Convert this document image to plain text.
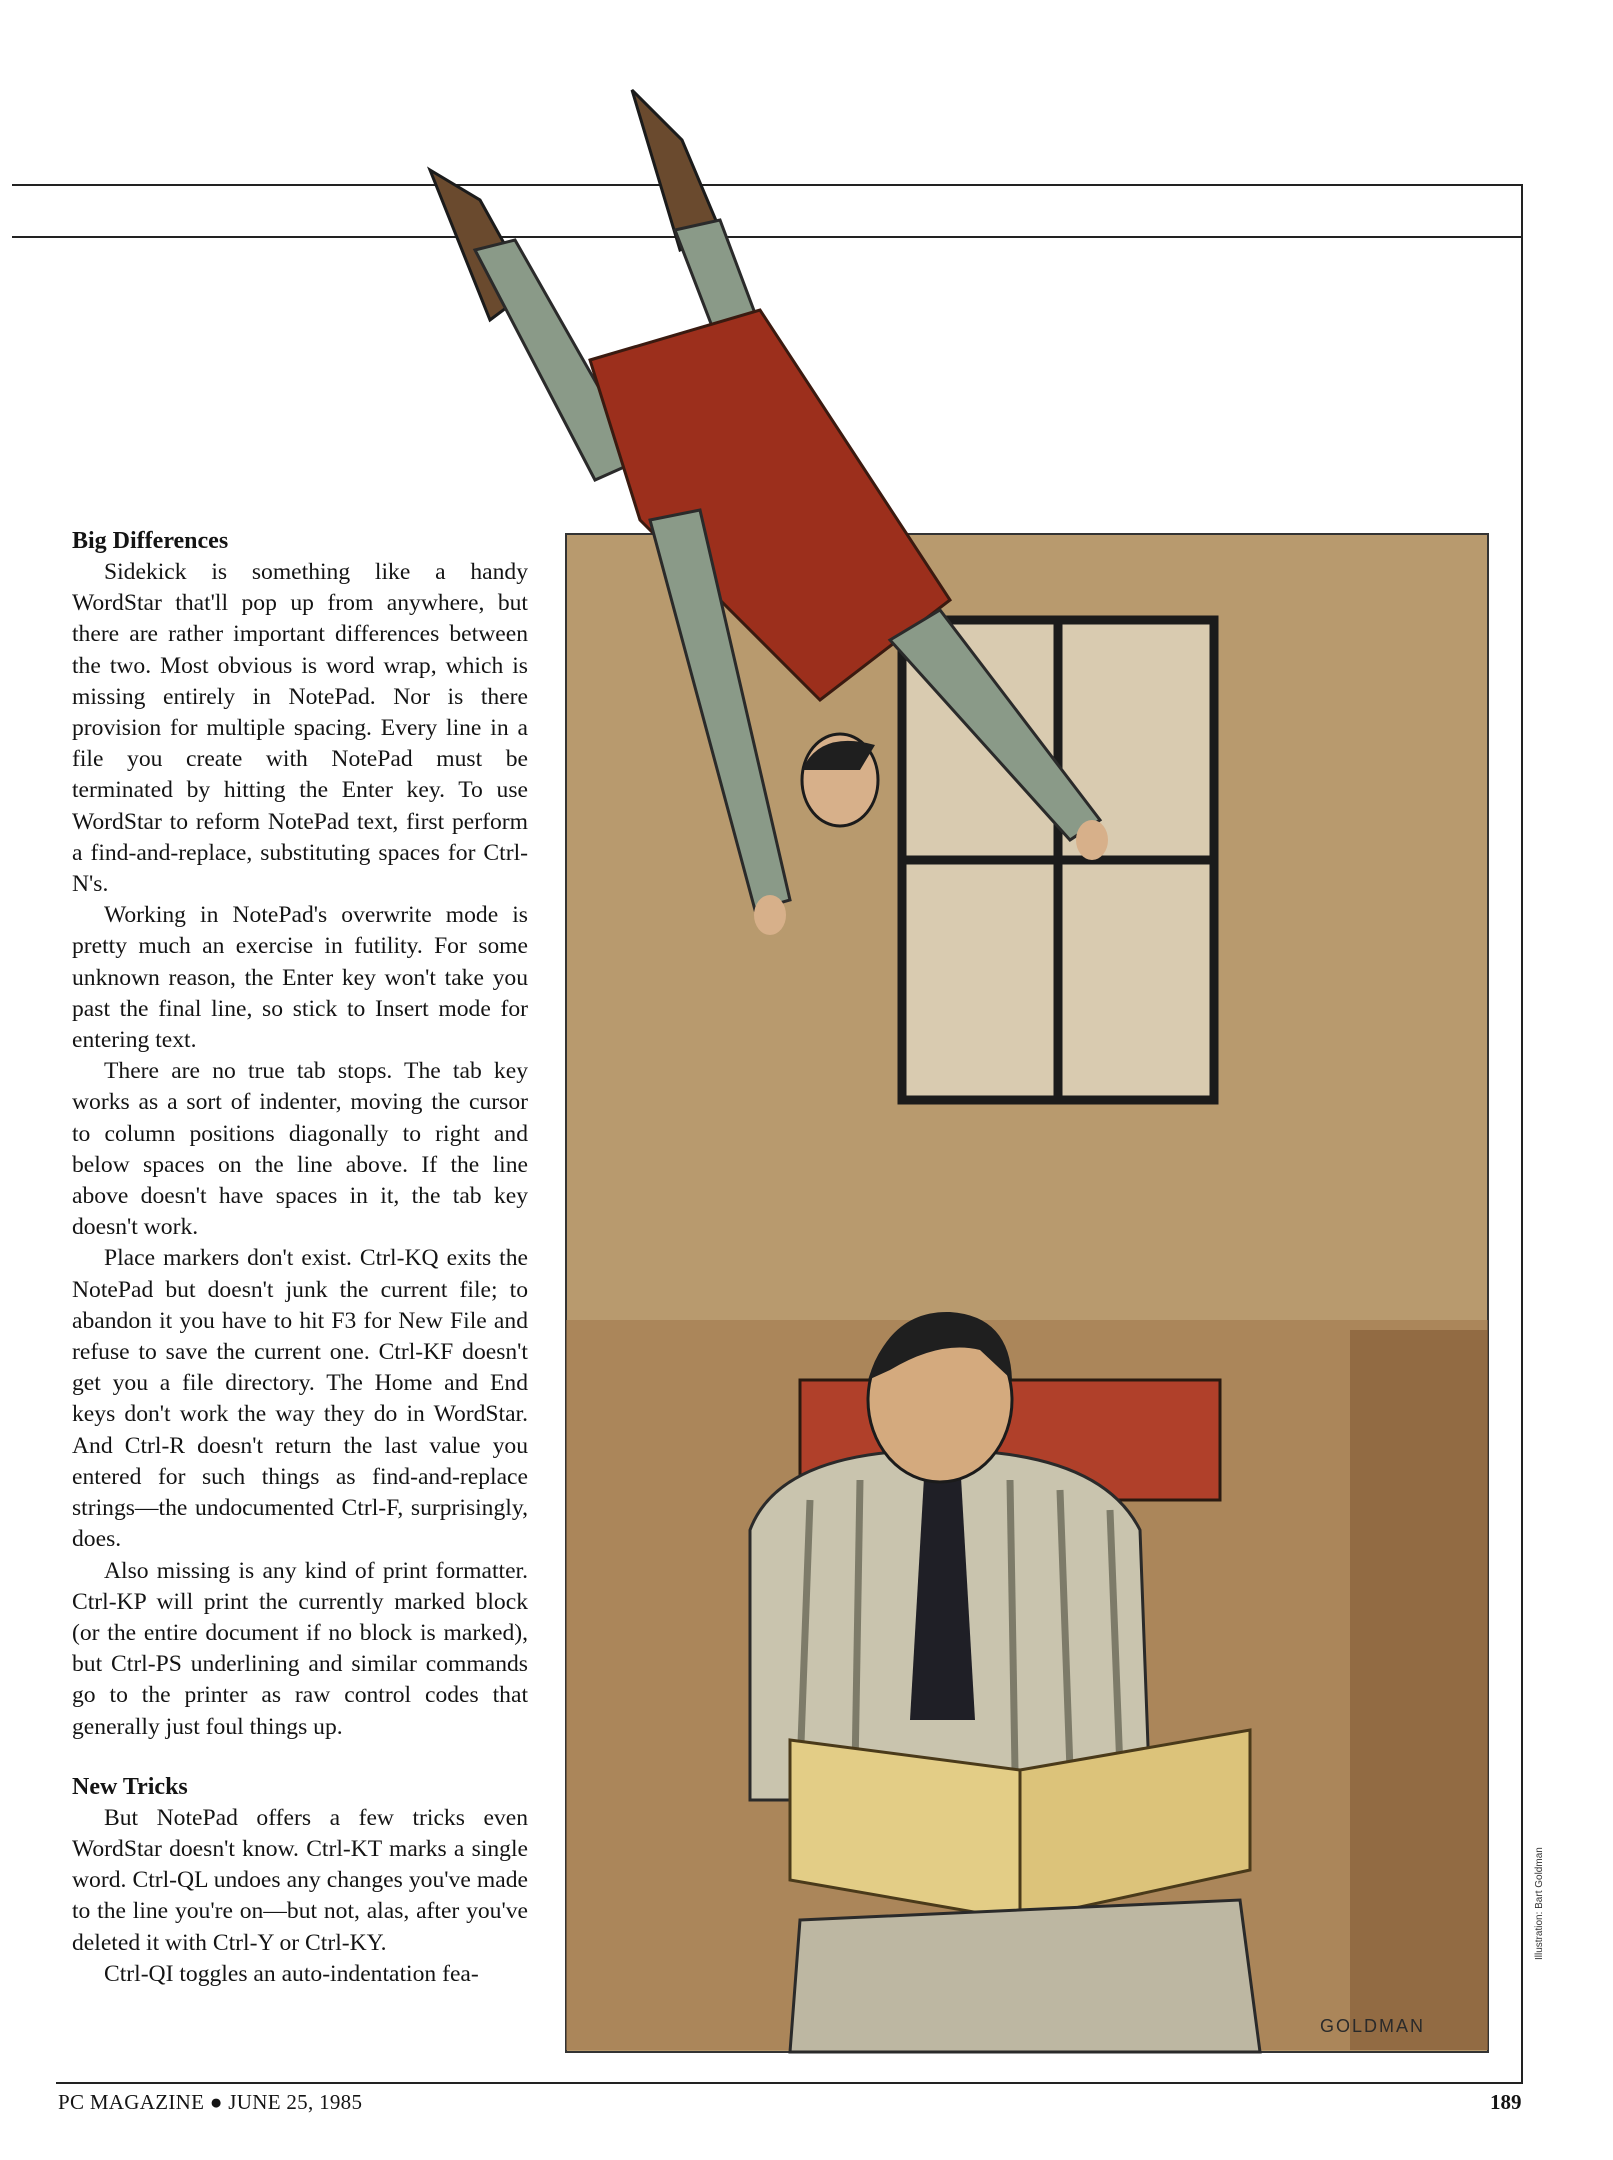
GOLDMAN
Big Differences

Sidekick is something like a handy WordStar that'll pop up from anywhere, but there are rather important differences between the two. Most obvious is word wrap, which is missing entirely in NotePad. Nor is there provision for multiple spacing. Every line in a file you create with NotePad must be terminated by hitting the Enter key. To use WordStar to reform NotePad text, first perform a find-and-replace, substituting spaces for Ctrl-N's.

Working in NotePad's overwrite mode is pretty much an exercise in futility. For some unknown reason, the Enter key won't take you past the final line, so stick to Insert mode for entering text.

There are no true tab stops. The tab key works as a sort of indenter, moving the cursor to column positions diagonally to right and below spaces on the line above. If the line above doesn't have spaces in it, the tab key doesn't work.

Place markers don't exist. Ctrl-KQ exits the NotePad but doesn't junk the current file; to abandon it you have to hit F3 for New File and refuse to save the current one. Ctrl-KF doesn't get you a file directory. The Home and End keys don't work the way they do in WordStar. And Ctrl-R doesn't return the last value you entered for such things as find-and-replace strings—the undocumented Ctrl-F, surprisingly, does.

Also missing is any kind of print formatter. Ctrl-KP will print the currently marked block (or the entire document if no block is marked), but Ctrl-PS underlining and similar commands go to the printer as raw control codes that generally just foul things up.

New Tricks

But NotePad offers a few tricks even WordStar doesn't know. Ctrl-KT marks a single word. Ctrl-QL undoes any changes you've made to the line you're on—but not, alas, after you've deleted it with Ctrl-Y or Ctrl-KY.

Ctrl-QI toggles an auto-indentation fea-

Illustration: Bart Goldman
PC MAGAZINE ● JUNE 25, 1985	189
